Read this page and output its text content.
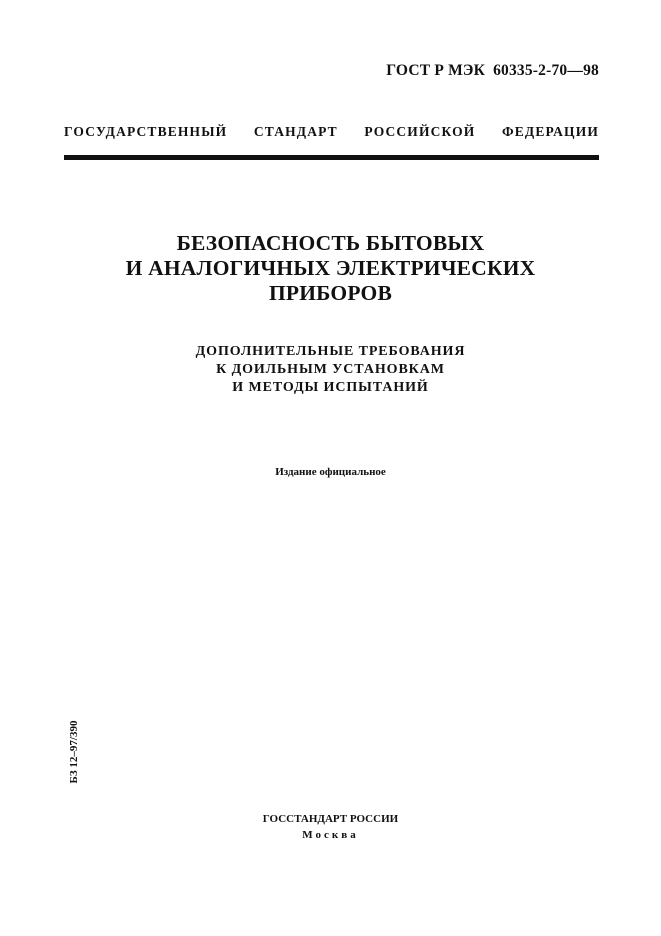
ГОСТ Р МЭК 60335-2-70—98
ГОСУДАРСТВЕННЫЙ СТАНДАРТ РОССИЙСКОЙ ФЕДЕРАЦИИ
БЕЗОПАСНОСТЬ БЫТОВЫХ
И АНАЛОГИЧНЫХ ЭЛЕКТРИЧЕСКИХ
ПРИБОРОВ
ДОПОЛНИТЕЛЬНЫЕ ТРЕБОВАНИЯ
К ДОИЛЬНЫМ УСТАНОВКАМ
И МЕТОДЫ ИСПЫТАНИЙ
Издание официальное
БЗ 12–97/390
ГОССТАНДАРТ РОССИИ
Москва
